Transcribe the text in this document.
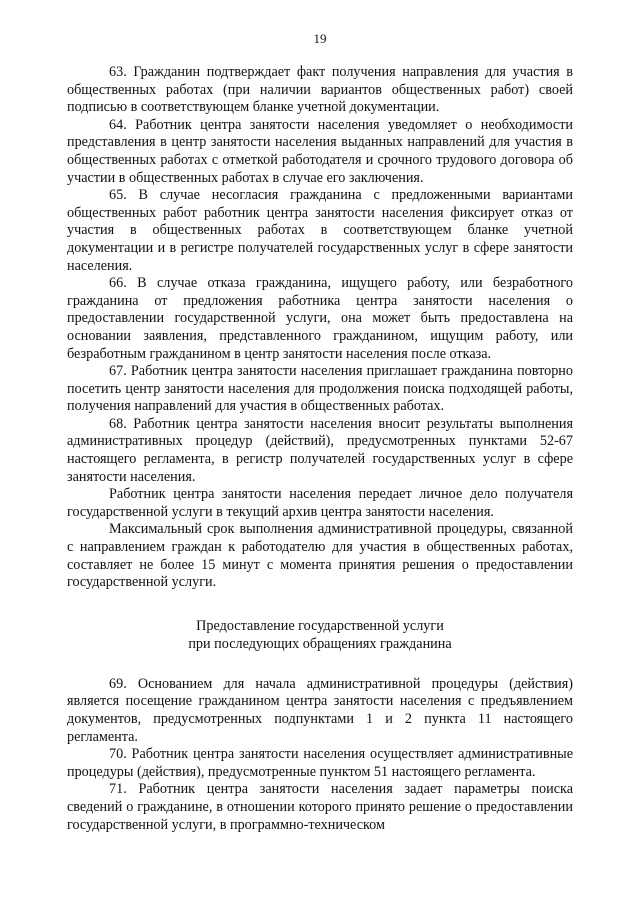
19

63. Гражданин подтверждает факт получения направления для участия в общественных работах (при наличии вариантов общественных работ) своей подписью в соответствующем бланке учетной документации.

64. Работник центра занятости населения уведомляет о необходимости представления в центр занятости населения выданных направлений для участия в общественных работах с отметкой работодателя и срочного трудового договора об участии в общественных работах в случае его заключения.

65. В случае несогласия гражданина с предложенными вариантами общественных работ работник центра занятости населения фиксирует отказ от участия в общественных работах в соответствующем бланке учетной документации и в регистре получателей государственных услуг в сфере занятости населения.

66. В случае отказа гражданина, ищущего работу, или безработного гражданина от предложения работника центра занятости населения о предоставлении государственной услуги, она может быть предоставлена на основании заявления, представленного гражданином, ищущим работу, или безработным гражданином в центр занятости населения после отказа.

67. Работник центра занятости населения приглашает гражданина повторно посетить центр занятости населения для продолжения поиска подходящей работы, получения направлений для участия в общественных работах.

68. Работник центра занятости населения вносит результаты выполнения административных процедур (действий), предусмотренных пунктами 52-67 настоящего регламента, в регистр получателей государственных услуг в сфере занятости населения.

Работник центра занятости населения передает личное дело получателя государственной услуги в текущий архив центра занятости населения.

Максимальный срок выполнения административной процедуры, связанной с направлением граждан к работодателю для участия в общественных работах, составляет не более 15 минут с момента принятия решения о предоставлении государственной услуги.

Предоставление государственной услуги
при последующих обращениях гражданина

69. Основанием для начала административной процедуры (действия) является посещение гражданином центра занятости населения с предъявлением документов, предусмотренных подпунктами 1 и 2 пункта 11 настоящего регламента.

70. Работник центра занятости населения осуществляет административные процедуры (действия), предусмотренные пунктом 51 настоящего регламента.

71. Работник центра занятости населения задает параметры поиска сведений о гражданине, в отношении которого принято решение о предоставлении государственной услуги, в программно-техническом
